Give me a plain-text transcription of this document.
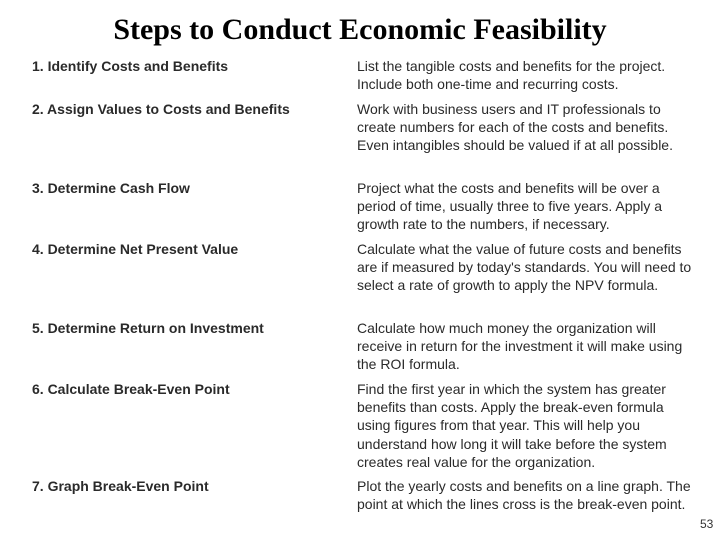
Steps to Conduct Economic Feasibility
1. Identify Costs and Benefits	List the tangible costs and benefits for the project. Include both one-time and recurring costs.

2. Assign Values to Costs and Benefits	Work with business users and IT professionals to create numbers for each of the costs and benefits. Even intangibles should be valued if at all possible.

3. Determine Cash Flow	Project what the costs and benefits will be over a period of time, usually three to five years. Apply a growth rate to the numbers, if necessary.

4. Determine Net Present Value	Calculate what the value of future costs and benefits are if measured by today's standards. You will need to select a rate of growth to apply the NPV formula.

5. Determine Return on Investment	Calculate how much money the organization will receive in return for the investment it will make using the ROI formula.

6. Calculate Break-Even Point	Find the first year in which the system has greater benefits than costs. Apply the break-even formula using figures from that year. This will help you understand how long it will take before the system creates real value for the organization.

7. Graph Break-Even Point	Plot the yearly costs and benefits on a line graph. The point at which the lines cross is the break-even point.

53
